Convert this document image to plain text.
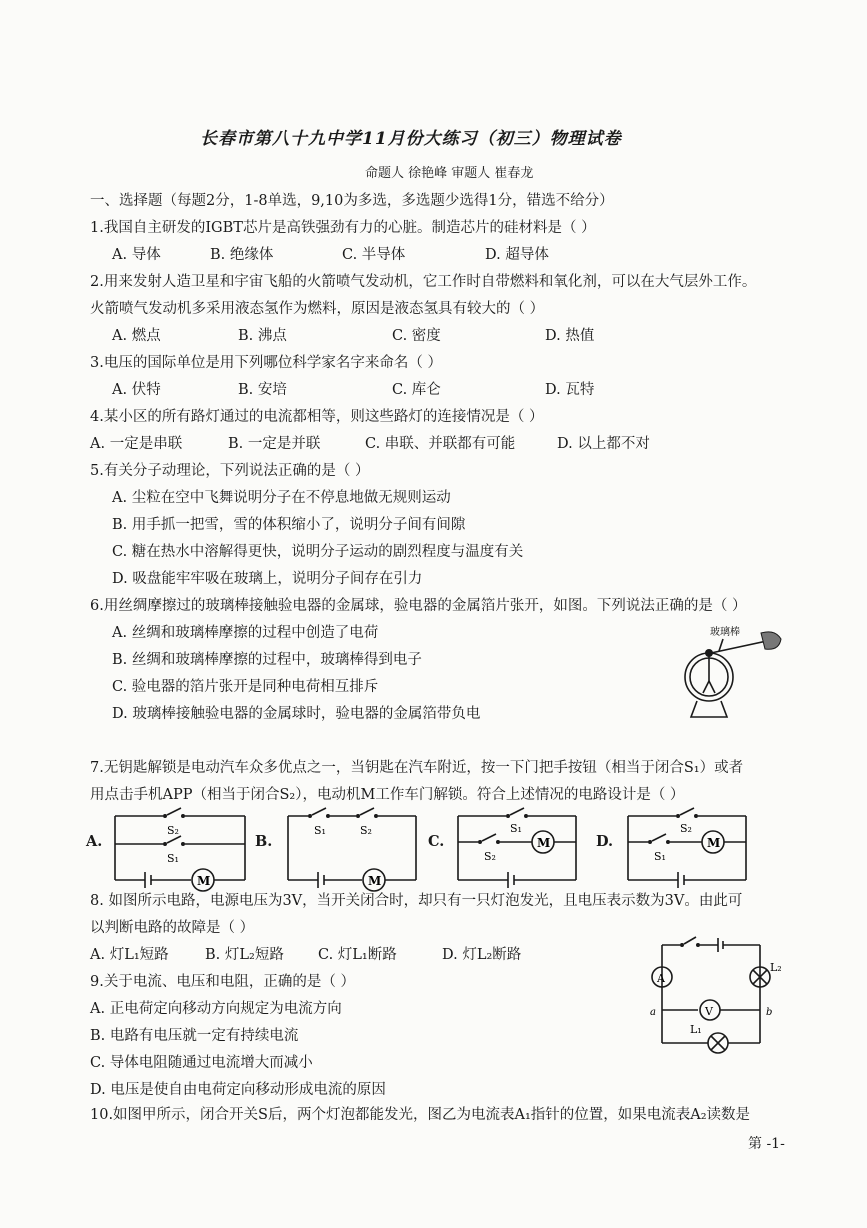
长春市第八十九中学11月份大练习（初三）物理试卷
命题人 徐艳峰 审题人 崔春龙
一、选择题（每题2分，1-8单选，9,10为多选，多选题少选得1分，错选不给分）
1.我国自主研发的IGBT芯片是高铁强劲有力的心脏。制造芯片的硅材料是（ ）
A. 导体	B. 绝缘体	C. 半导体	D. 超导体
2.用来发射人造卫星和宇宙飞船的火箭喷气发动机，它工作时自带燃料和氧化剂，可以在大气层外工作。
火箭喷气发动机多采用液态氢作为燃料，原因是液态氢具有较大的（ ）
A. 燃点	B. 沸点	C. 密度	D. 热值
3.电压的国际单位是用下列哪位科学家名字来命名（ ）
A. 伏特	B. 安培	C. 库仑	D. 瓦特
4.某小区的所有路灯通过的电流都相等，则这些路灯的连接情况是（ ）
A. 一定是串联	B. 一定是并联	C. 串联、并联都有可能	D. 以上都不对
5.有关分子动理论，下列说法正确的是（ ）
A. 尘粒在空中飞舞说明分子在不停息地做无规则运动
B. 用手抓一把雪，雪的体积缩小了，说明分子间有间隙
C. 糖在热水中溶解得更快，说明分子运动的剧烈程度与温度有关
D. 吸盘能牢牢吸在玻璃上，说明分子间存在引力
6.用丝绸摩擦过的玻璃棒接触验电器的金属球，验电器的金属箔片张开，如图。下列说法正确的是（ ）
A. 丝绸和玻璃棒摩擦的过程中创造了电荷
B. 丝绸和玻璃棒摩擦的过程中，玻璃棒得到电子
C. 验电器的箔片张开是同种电荷相互排斥
D. 玻璃棒接触验电器的金属球时，验电器的金属箔带负电
玻璃棒
7.无钥匙解锁是电动汽车众多优点之一，当钥匙在汽车附近，按一下门把手按钮（相当于闭合S₁）或者
用点击手机APP（相当于闭合S₂），电动机M工作车门解锁。符合上述情况的电路设计是（ ）
A.
S₂
S₁
M
B.
S₁	S₂
M
C.
S₁
M
S₂
D.
S₂
M
S₁
8. 如图所示电路，电源电压为3V，当开关闭合时，却只有一只灯泡发光，且电压表示数为3V。由此可
以判断电路的故障是（ ）
A. 灯L₁短路	B. 灯L₂短路 C. 灯L₁断路	D. 灯L₂断路
A
L₂
V
a	b
L₁
9.关于电流、电压和电阻，正确的是（ ）
A. 正电荷定向移动方向规定为电流方向
B. 电路有电压就一定有持续电流
C. 导体电阻随通过电流增大而减小
D. 电压是使自由电荷定向移动形成电流的原因
10.如图甲所示，闭合开关S后，两个灯泡都能发光，图乙为电流表A₁指针的位置，如果电流表A₂读数是
第 -1-
